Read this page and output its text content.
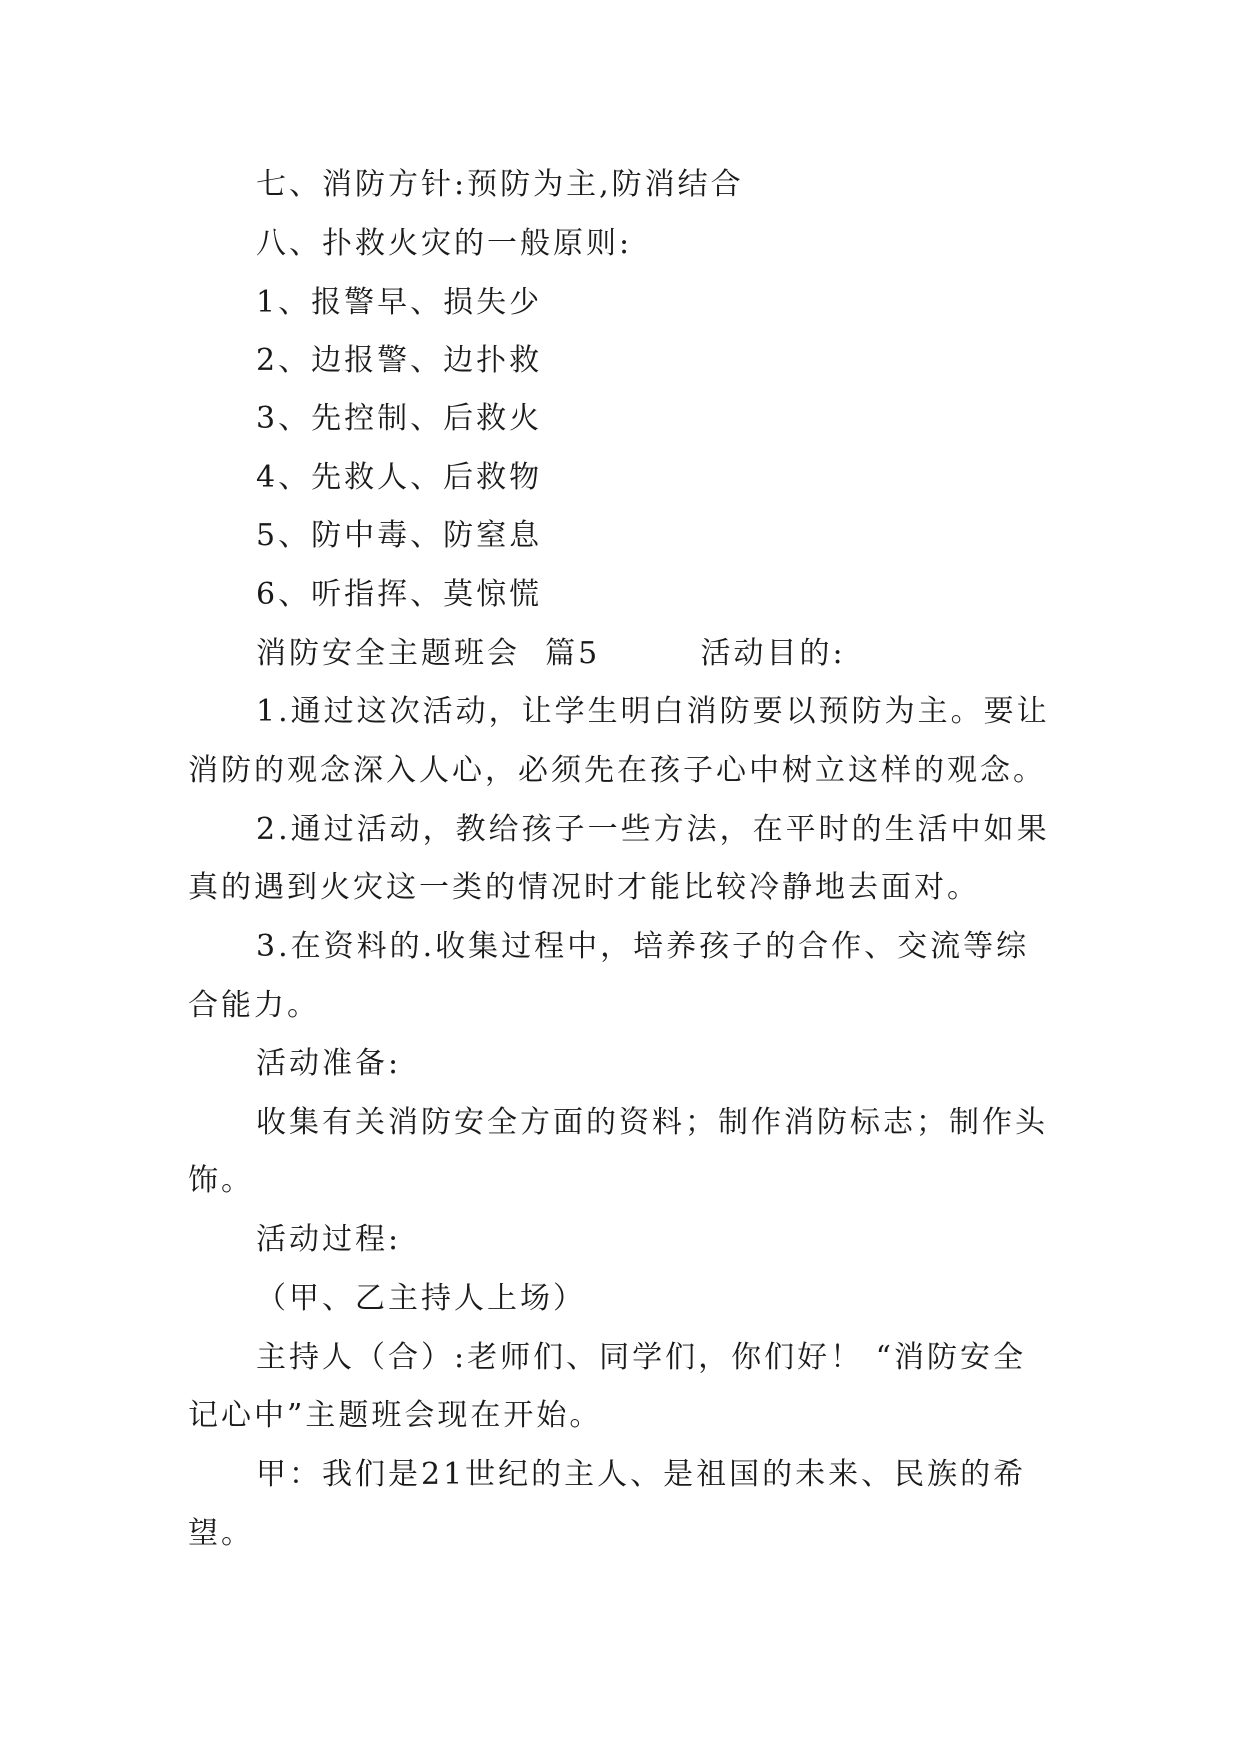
七、消防方针:预防为主,防消结合
八、扑救火灾的一般原则:
1、报警早、损失少
2、边报警、边扑救
3、先控制、后救火
4、先救人、后救物
5、防中毒、防窒息
6、听指挥、莫惊慌
消防安全主题班会  篇5        活动目的:
1.通过这次活动，让学生明白消防要以预防为主。要让
消防的观念深入人心，必须先在孩子心中树立这样的观念。
2.通过活动，教给孩子一些方法，在平时的生活中如果
真的遇到火灾这一类的情况时才能比较冷静地去面对。
3.在资料的.收集过程中，培养孩子的合作、交流等综
合能力。
活动准备:
收集有关消防安全方面的资料；制作消防标志；制作头
饰。
活动过程:
（甲、乙主持人上场）
主持人（合）:老师们、同学们，你们好！ “消防安全
记心中”主题班会现在开始。
甲：我们是21世纪的主人、是祖国的未来、民族的希
望。
